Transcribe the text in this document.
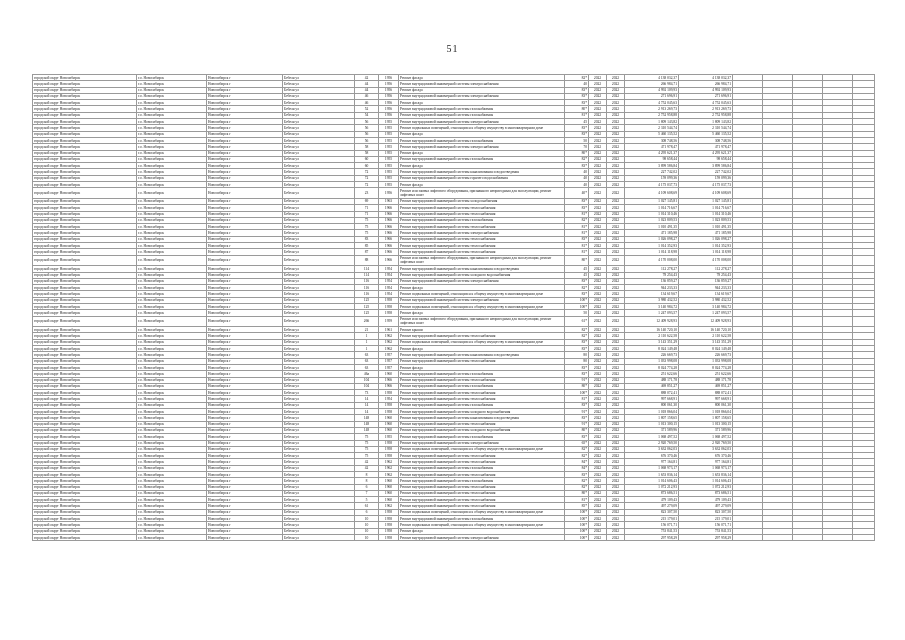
51
городской округ Новосибирск	г.о. Новосибирск	Новосибирск г	Бебеля ул	42	1956	Ремонт фасада	82*	2022	2022	4 138 032,37	4 138 032,37					
городской округ Новосибирск	г.о. Новосибирск	Новосибирск г	Бебеля ул	44	1956	Ремонт внутридомовой инженерной системы электроснабжения	40	2022	2022	266 984,71	266 984,71					
городской округ Новосибирск	г.о. Новосибирск	Новосибирск г	Бебеля ул	44	1956	Ремонт фасада	83*	2022	2022	4 992 109,93	4 992 109,93					
городской округ Новосибирск	г.о. Новосибирск	Новосибирск г	Бебеля ул	46	1956	Ремонт внутридомовой инженерной системы электроснабжения	83*	2022	2022	271 696,91	271 696,91					
городской округ Новосибирск	г.о. Новосибирск	Новосибирск г	Бебеля ул	46	1956	Ремонт фасада	83*	2022	2022	4 752 045,63	4 752 045,63					
городской округ Новосибирск	г.о. Новосибирск	Новосибирск г	Бебеля ул	52	1956	Ремонт внутридомовой инженерной системы газоснабжения	80*	2022	2022	2 913 269,73	2 913 269,73					
городской округ Новосибирск	г.о. Новосибирск	Новосибирск г	Бебеля ул	54	1956	Ремонт внутридомовой инженерной системы газоснабжения	81*	2022	2022	2 752 958,88	2 752 958,88					
городской округ Новосибирск	г.о. Новосибирск	Новосибирск г	Бебеля ул	56	1955	Ремонт внутридомовой инженерной системы электроснабжения	45	2022	2022	1 809 143,82	1 809 143,82					
городской округ Новосибирск	г.о. Новосибирск	Новосибирск г	Бебеля ул	56	1955	Ремонт подвальных помещений, относящихся к общему имуществу в многоквартирном доме	83*	2022	2022	2 310 544,74	2 310 544,74					
городской округ Новосибирск	г.о. Новосибирск	Новосибирск г	Бебеля ул	56	1955	Ремонт фасада	83*	2022	2022	5 460 135,52	5 460 135,52					
городской округ Новосибирск	г.о. Новосибирск	Новосибирск г	Бебеля ул	56	1955	Ремонт внутридомовой инженерной системы газоснабжения	50	2022	2022	308 748,56	308 748,56					
городской округ Новосибирск	г.о. Новосибирск	Новосибирск г	Бебеля ул	58	1955	Ремонт внутридомовой инженерной системы электроснабжения	70	2022	2022	471 978,47	471 978,47					
городской округ Новосибирск	г.о. Новосибирск	Новосибирск г	Бебеля ул	58	1955	Ремонт фасада	80*	2022	2022	4 295 621,37	4 295 621,37					
городской округ Новосибирск	г.о. Новосибирск	Новосибирск г	Бебеля ул	60	1955	Ремонт внутридомовой инженерной системы газоснабжения	82*	2022	2022	98 658,44	98 658,44					
городской округ Новосибирск	г.о. Новосибирск	Новосибирск г	Бебеля ул	60	1955	Ремонт фасада	83*	2022	2022	3 899 586,84	3 899 586,84					
городской округ Новосибирск	г.о. Новосибирск	Новосибирск г	Бебеля ул	72	1955	Ремонт внутридомовой инженерной системы канализования и водоотведения	40	2022	2022	227 742,02	227 742,02					
городской округ Новосибирск	г.о. Новосибирск	Новосибирск г	Бебеля ул	72	1955	Ремонт внутридомовой инженерной системы горячего водоснабжения	40	2022	2022	159 099,36	159 099,36					
городской округ Новосибирск	г.о. Новосибирск	Новосибирск г	Бебеля ул	72	1955	Ремонт фасада	40	2022	2022	4 175 037,73	4 175 037,73					
городской округ Новосибирск	г.о. Новосибирск	Новосибирск г	Бебеля ул	23	1956	Ремонт или замена лифтового оборудования, признанного непригодным для эксплуатации, ремонт лифтовых шахт	40*	2022	2022	4 109 608,69	4 109 608,69					
городской округ Новосибирск	г.о. Новосибирск	Новосибирск г	Бебеля ул	69	1963	Ремонт внутридомовой инженерной системы холодоснабжения	83*	2022	2022	1 027 145,81	1 027 145,81					
городской округ Новосибирск	г.о. Новосибирск	Новосибирск г	Бебеля ул	71	1966	Ремонт внутридомовой инженерной системы теплоснабжения	83*	2022	2022	1 014 716,67	1 014 716,67					
городской округ Новосибирск	г.о. Новосибирск	Новосибирск г	Бебеля ул	71	1966	Ремонт внутридомовой инженерной системы теплоснабжения	81*	2022	2022	1 014 310,46	1 014 310,46					
городской округ Новосибирск	г.о. Новосибирск	Новосибирск г	Бебеля ул	75	1966	Ремонт внутридомовой инженерной системы газоснабжения	82*	2022	2022	1 023 809,53	1 023 809,53					
городской округ Новосибирск	г.о. Новосибирск	Новосибирск г	Бебеля ул	75	1966	Ремонт внутридомовой инженерной системы теплоснабжения	81*	2022	2022	1 010 491,35	1 010 491,35					
городской округ Новосибирск	г.о. Новосибирск	Новосибирск г	Бебеля ул	75	1966	Ремонт внутридомовой инженерной системы электроснабжения	81*	2022	2022	471 185,98	471 185,98					
городской округ Новосибирск	г.о. Новосибирск	Новосибирск г	Бебеля ул	83	1966	Ремонт внутридомовой инженерной системы теплоснабжения	83*	2022	2022	1 026 098,27	1 026 098,27					
городской округ Новосибирск	г.о. Новосибирск	Новосибирск г	Бебеля ул	85	1966	Ремонт внутридомовой инженерной системы теплоснабжения	81*	2022	2022	1 014 352,93	1 014 352,93					
городской округ Новосибирск	г.о. Новосибирск	Новосибирск г	Бебеля ул	87	1966	Ремонт внутридомовой инженерной системы теплоснабжения	81*	2022	2022	1 014 118,98	1 014 118,98					
городской округ Новосибирск	г.о. Новосибирск	Новосибирск г	Бебеля ул	88	1966	Ремонт или замена лифтового оборудования, признанного непригодным для эксплуатации, ремонт лифтовых шахт	80*	2022	2022	4 170 008,00	4 170 008,00					
городской округ Новосибирск	г.о. Новосибирск	Новосибирск г	Бебеля ул	114	1954	Ремонт внутридомовой инженерной системы канализования и водоотведения	45	2022	2022	112 278,27	112 278,27					
городской округ Новосибирск	г.о. Новосибирск	Новосибирск г	Бебеля ул	114	1954	Ремонт внутридомовой инженерной системы холодного водоснабжения	45	2022	2022	78 254,43	78 254,43					
городской округ Новосибирск	г.о. Новосибирск	Новосибирск г	Бебеля ул	116	1954	Ремонт внутридомовой инженерной системы электроснабжения	83*	2022	2022	136 859,27	136 859,27					
городской округ Новосибирск	г.о. Новосибирск	Новосибирск г	Бебеля ул	116	1954	Ремонт фасада	82*	2022	2022	944 233,33	944 233,33					
городской округ Новосибирск	г.о. Новосибирск	Новосибирск г	Бебеля ул	116	1954	Ремонт подвальных помещений, относящихся к общему имуществу в многоквартирном доме	83*	2022	2022	134 619,67	134 619,67					
городской округ Новосибирск	г.о. Новосибирск	Новосибирск г	Бебеля ул	125	1958	Ремонт внутридомовой инженерной системы электроснабжения	100*	2022	2022	3 980 432,52	3 980 432,52					
городской округ Новосибирск	г.о. Новосибирск	Новосибирск г	Бебеля ул	125	1958	Ремонт подвальных помещений, относящихся к общему имуществу в многоквартирном доме	100*	2022	2022	3 140 984,72	3 140 984,72					
городской округ Новосибирск	г.о. Новосибирск	Новосибирск г	Бебеля ул	125	1958	Ремонт фасада	50	2022	2022	1 247 093,57	1 247 093,57					
городской округ Новосибирск	г.о. Новосибирск	Новосибирск г	Бебеля ул	266	1959	Ремонт или замена лифтового оборудования, признанного непригодным для эксплуатации, ремонт лифтовых шахт	61*	2022	2022	12 409 928,93	12 409 928,93					
городской округ Новосибирск	г.о. Новосибирск	Новосибирск г	Бебеля ул	21	1961	Ремонт крыши	82*	2022	2022	16 140 720,10	16 140 720,10					
городской округ Новосибирск	г.о. Новосибирск	Новосибирск г	Бебеля ул	1	1962	Ремонт внутридомовой инженерной системы теплоснабжения	82*	2022	2022	2 110 622,58	2 110 622,58					
городской округ Новосибирск	г.о. Новосибирск	Новосибирск г	Бебеля ул	1	1962	Ремонт подвальных помещений, относящихся к общему имуществу в многоквартирном доме	83*	2022	2022	3 143 351,29	3 143 351,29					
городской округ Новосибирск	г.о. Новосибирск	Новосибирск г	Бебеля ул	1	1962	Ремонт фасада	83*	2022	2022	8 024 149,48	8 024 149,48					
городской округ Новосибирск	г.о. Новосибирск	Новосибирск г	Бебеля ул	63	1957	Ремонт внутридомовой инженерной системы канализования и водоотведения	80	2022	2022	226 669,73	226 669,73					
городской округ Новосибирск	г.о. Новосибирск	Новосибирск г	Бебеля ул	63	1957	Ремонт внутридомовой инженерной системы теплоснабжения	80	2022	2022	1 033 998,08	1 033 998,08					
городской округ Новосибирск	г.о. Новосибирск	Новосибирск г	Бебеля ул	63	1957	Ремонт фасада	83*	2022	2022	8 024 774,28	8 024 774,28					
городской округ Новосибирск	г.о. Новосибирск	Новосибирск г	Бебеля ул	46а	1960	Ремонт внутридомовой инженерной системы газоснабжения	83*	2022	2022	251 622,66	251 622,66					
городской округ Новосибирск	г.о. Новосибирск	Новосибирск г	Бебеля ул	104	1966	Ремонт внутридомовой инженерной системы теплоснабжения	91*	2022	2022	488 171,78	488 171,78					
городской округ Новосибирск	г.о. Новосибирск	Новосибирск г	Бебеля ул	104	1966	Ремонт внутридомовой инженерной системы газоснабжения	80*	2022	2022	469 851,27	469 851,27					
городской округ Новосибирск	г.о. Новосибирск	Новосибирск г	Бебеля ул	73	1958	Ремонт внутридомовой инженерной системы теплоснабжения	100*	2022	2022	888 072,41	888 072,41					
городской округ Новосибирск	г.о. Новосибирск	Новосибирск г	Бебеля ул	14	1954	Ремонт внутридомовой инженерной системы теплоснабжения	81*	2022	2022	997 668,91	997 668,91					
городской округ Новосибирск	г.о. Новосибирск	Новосибирск г	Бебеля ул	14	1958	Ремонт внутридомовой инженерной системы газоснабжения	83*	2022	2022	800 061,30	800 061,30					
городской округ Новосибирск	г.о. Новосибирск	Новосибирск г	Бебеля ул	14	1958	Ремонт внутридомовой инженерной системы холодного водоснабжения	91*	2022	2022	1 018 866,04	1 018 866,04					
городской округ Новосибирск	г.о. Новосибирск	Новосибирск г	Бебеля ул	148	1960	Ремонт внутридомовой инженерной системы канализования и водоотведения	83*	2022	2022	1 807 158,65	1 807 158,65					
городской округ Новосибирск	г.о. Новосибирск	Новосибирск г	Бебеля ул	148	1960	Ремонт внутридомовой инженерной системы теплоснабжения	91*	2022	2022	1 013 300,15	1 013 300,15					
городской округ Новосибирск	г.о. Новосибирск	Новосибирск г	Бебеля ул	148	1960	Ремонт внутридомовой инженерной системы холодного водоснабжения	80*	2022	2022	371 589,96	371 589,96					
городской округ Новосибирск	г.о. Новосибирск	Новосибирск г	Бебеля ул	75	1955	Ремонт внутридомовой инженерной системы газоснабжения	83*	2022	2022	1 068 497,52	1 068 497,52					
городской округ Новосибирск	г.о. Новосибирск	Новосибирск г	Бебеля ул	75	1958	Ремонт внутридомовой инженерной системы электроснабжения	65*	2022	2022	2 920 769,50	2 920 769,50					
городской округ Новосибирск	г.о. Новосибирск	Новосибирск г	Бебеля ул	75	1958	Ремонт подвальных помещений, относящихся к общему имуществу в многоквартирном доме	82*	2022	2022	3 632 062,03	3 632 062,03					
городской округ Новосибирск	г.о. Новосибирск	Новосибирск г	Бебеля ул	75	1958	Ремонт внутридомовой инженерной системы теплоснабжения	82*	2022	2022	676 370,46	676 370,46					
городской округ Новосибирск	г.о. Новосибирск	Новосибирск г	Бебеля ул	42	1962	Ремонт внутридомовой инженерной системы теплоснабжения	84*	2022	2022	977 164,81	977 164,81					
городской округ Новосибирск	г.о. Новосибирск	Новосибирск г	Бебеля ул	42	1962	Ремонт внутридомовой инженерной системы газоснабжения	84*	2022	2022	1 068 973,17	1 068 973,17					
городской округ Новосибирск	г.о. Новосибирск	Новосибирск г	Бебеля ул	8	1962	Ремонт внутридомовой инженерной системы теплоснабжения	83*	2022	2022	1 653 836,14	1 653 836,14					
городской округ Новосибирск	г.о. Новосибирск	Новосибирск г	Бебеля ул	8	1960	Ремонт внутридомовой инженерной системы газоснабжения	82*	2022	2022	1 014 606,43	1 014 606,43					
городской округ Новосибирск	г.о. Новосибирск	Новосибирск г	Бебеля ул	6	1960	Ремонт внутридомовой инженерной системы теплоснабжения	82*	2022	2022	1 072 212,93	1 072 212,93					
городской округ Новосибирск	г.о. Новосибирск	Новосибирск г	Бебеля ул	7	1960	Ремонт внутридомовой инженерной системы теплоснабжения	80*	2022	2022	873 686,51	873 686,51					
городской округ Новосибирск	г.о. Новосибирск	Новосибирск г	Бебеля ул	5	1960	Ремонт внутридомовой инженерной системы теплоснабжения	81*	2022	2022	479 109,43	479 109,43					
городской округ Новосибирск	г.о. Новосибирск	Новосибирск г	Бебеля ул	61	1962	Ремонт внутридомовой инженерной системы теплоснабжения	85*	2022	2022	497 279,09	497 279,09					
городской округ Новосибирск	г.о. Новосибирск	Новосибирск г	Бебеля ул	6	1958	Ремонт подвальных помещений, относящихся к общему имуществу в многоквартирном доме	100*	2022	2022	823 307,50	823 307,50					
городской округ Новосибирск	г.о. Новосибирск	Новосибирск г	Бебеля ул	10	1958	Ремонт внутридомовой инженерной системы газоснабжения	100*	2022	2022	215 179,01	215 179,01					
городской округ Новосибирск	г.о. Новосибирск	Новосибирск г	Бебеля ул	10	1958	Ремонт подвальных помещений, относящихся к общему имуществу в многоквартирном доме	100*	2022	2022	156 071,71	156 071,71					
городской округ Новосибирск	г.о. Новосибирск	Новосибирск г	Бебеля ул	10	1958	Ремонт фасада	100*	2022	2022	753 841,53	753 841,53					
городской округ Новосибирск	г.о. Новосибирск	Новосибирск г	Бебеля ул	10	1958	Ремонт внутридомовой инженерной системы электроснабжения	100*	2022	2022	297 958,29	297 958,29					
